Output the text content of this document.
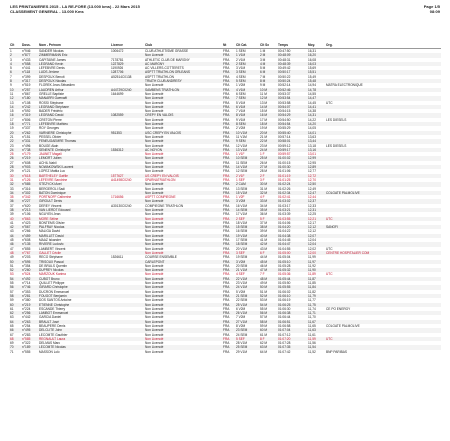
LES PRINTANIERES 2015 - LA RE-FORE (13.000 kms) - 22 Mars 2015
CLASSEMENT GENERAL - 13.000 Kms
Page 1/5
08:09
Clt	Doss.	Nom - Prénom	Licence	Club	Nt	Clt Cat.	Clt Sx	Temps	Moy.	Org.
1	n°946	SANDER Nicolas	1006472	CLUB ATHLETISME GRASSE	FRA	1 SEM	1 M	00:47:50	16,31	
2	n°877	ZIMMERMANN Eric		Non Licencié	FRA	1 V1M	2 M	00:48:09	16,20	
3	n°433	CAPITAINE James	7178781	ATHLETIC CLUB DE MARGNY	FRA	2 V1M	3 M	00:48:31	16,08	
4	n°558	LEGRAND Kevin	1227829	AC MARGNY	FRA	2 SEM	4 M	00:48:39	16,03	
5	n°441	LEFEBVRE Denis	1190926	AC VILLERS-COTTERETS	FRA	3 V1M	5 M	00:49:42	15,69	
6	n°118	LUDS Jérôme	1287706	ASPTT TRIATHLON ORLEANS	FRA	3 SEM	6 M	00:50:17	15,51	
7	n°399	DESPOUX Benoit	A52514C0138	ASPTT TRIATHLON	FRA	4 SEM	7 M	00:50:22	15,49	
8	n°317	DESPOUX Nicolas		TRIATH CLUB ANDRESY	FRA	5 SEM	8 M	00:50:24	15,48	
9	n°519	FLOREK Jean-Sébastien		Non Licencié	FRA	1 V2M	9 M	00:52:14	14,94	MATRA ELECTRONIQUE
10	n°257	LAUDREN Arthur	A44729C0240	SAMBENS TRIATHLON	FRA	4 V1M	10 M	00:52:46	14,78	
11	n°867	GRELLE Baptiste	1644699	Non Licencié	FRA	6 SEM	11 M	00:53:37	14,55	
12	n°180	MANARRI Gwenaël		Non Licencié	FRA	7 SEM	12 M	00:53:54	14,47	
13	n°108	ROSSI Stéphane		Non Licencié	FRA	5 V1M	13 M	00:53:58	14,45	UTC
14	n°242	LEGRAND Stéphane		Non Licencié	FRA	6 V1M	14 M	00:54:07	14,41	
15	n°592	BADER Frédéric		Non Licencié	FRA	7 V1M	15 M	00:54:15	14,38	
16	n°319	LEGRAND David	1082559	CREPY EN VALOIS	FRA	8 V1M	16 M	00:54:29	14,31	
17	n°806	CRETON Pierre		Non Licencié	FRA	9 V1M	17 M	00:54:50	14,22	LES DIESELS
18	n°771	LEFEBVRE Mathieu		Non Licencié	FRA	8 SEM	18 M	00:54:54	14,20	
19	n°337	ROY Georges		Non Licencié	FRA	2 V2M	19 M	00:55:29	14,05	
20	n°262	VARNIERE Christophe	951353	USC CREPY EN VALOIS	FRA	10 V1M	20 M	00:55:40	14,01	
21	n°151	PESSEL Olivier		Non Licencié	FRA	11 V1M	21 M	00:57:14	13,63	
22	n°331	FENEUGAEMRE Thomas		Non Licencié	FRA	9 SEM	22 M	00:58:01	13,44	
23	n°496	BOUGE Alain		Non Licencié	FRA	12 V1M	23 M	00:59:12	13,18	LES DIESELS
24	n°738	SENENTE Christophe	1536312	AC NOYON	FRA	13 V1M	24 M	00:59:17	13,16	
25	n°179	JAUNET Magali		Non Licencié	FRA	1 V1F	1 F	00:59:57	13,01	
26	n°219	LEMORT Julien		Non Licencié	FRA	10 SEM	25 M	01:00:02	12,99	
27	n°608	ACHIL Nabil		Non Licencié	FRA	11 SEM	26 M	01:00:15	12,95	
28	n°903	NOWAKOWSKI Laurent		Non Licencié	FRA	14 V1M	27 M	01:00:30	12,89	
29	n°121	LOPEZ Mattia Luc		Non Licencié	FRA	12 SEM	28 M	01:01:06	12,77	
30	n°618	BARTHELEY Gaëlle	1577627	US CREPY EN VALOIS	FRA	2 V1F	2 F	01:01:19	12,72	
31	n°126	LEFEVRE Sandrine	A41498C0240	SPARNATRIATHLON	FRA	1 SEF	3 F	01:01:25	12,70	
32	n°585	STEZYCKI Axel		Non Licencié	FRA	2 CAM	30 M	01:02:24	12,50	
33	n°316	BERGEROLI Sadi		Non Licencié	FRA	13 SEM	31 M	01:02:26	12,49	
34	n°302	BATON Dominique		Non Licencié	FRA	15 V1M	32 M	01:02:34	12,47	COLGATE PALMOLIVE
35	n°342	PORTNOFF Catherine	1716656	ASPTT COMPIEGNE	FRA	1 V2F	4 F	01:02:41	12,44	
36	n°227	GIROULT Denis		Non Licencié	FRA	3 V2M	33 M	01:03:02	12,37	
37	n°620	DEREY Vincent	A30130C0240	COMPIEGNE TRIATHLON	FRA	16 V1M	34 M	01:03:17	12,33	
38	n°213	VAN LIERDT Edouard		Non Licencié	FRA	14 SEM	35 M	01:03:21	12,31	
39	n°106	NGUYEN Jean		Non Licencié	FRA	17 V1M	36 M	01:03:39	12,25	
40	n°863	MORE Séline		Non Licencié	FRA	2 SEF	5 F	01:03:55	12,21	UTC
41	n°423	BONTEMS Olivier		Non Licencié	FRA	18 V1M	37 M	01:04:06	12,17	
42	n°567	PALFRAY Nicolas		Non Licencié	FRA	15 SEM	38 M	01:04:20	12,12	SANOFI
43	n°266	MALIGA David		Non Licencié	FRA	16 SEM	39 M	01:04:22	12,12	
44	n°459	MARILLET David		Non Licencié	FRA	19 V1M	40 M	01:04:38	12,07	
45	n°608	MAAZ Iskander		Non Licencié	FRA	17 SEM	41 M	01:04:45	12,04	
46	n°135	RIVIERE Ludovic		Non Licencié	FRA	18 SEM	42 M	01:04:47	12,04	
47	n°855	LAMBERT Vincent		Non Licencié	FRA	20 V1M	43 M	01:04:55	12,02	UTC
48	n°767	GALLET Cécile		Non Licencié	FRA	3 SEF	6 F	01:05:00	12,00	CENTRE HOSPITALIER COM
49	n°203	RECO Stéphane	1526611	COURSE ENSEMBLE	FRA	19 SEM	44 M	01:05:04	11,99	
50	n°595	TRISOUX Pascal		CARLEPONT	FRA	3 V2M	45 M	01:05:10	11,97	
51	n°354	DE BRULS Quentin		Non Licencié	FRA	20 SEM	46 M	01:05:28	11,92	
52	n°260	DUPREY Nicolas		Non Licencié	FRA	21 V1M	47 M	01:05:32	11,90	
53	n°524	MARZOUK Karima		Non Licencié	FRA	4 SEF	7 F	01:05:36	11,89	UTC
54	n°492	CUBOT Bruno		Non Licencié	FRA	22 V1M	48 M	01:05:44	11,87	
55	n°714	QUILLET Philippe		Non Licencié	FRA	23 V1M	49 M	01:05:50	11,85	
56	n°746	GIRARD Christophe		Non Licencié	FRA	24 V1M	50 M	01:05:55	11,84	
57	n°353	DUCRON Emmanuel		Non Licencié	FRA	5 V2M	51 M	01:06:02	11,82	
58	n°281	FOUGOT Benjamin		Non Licencié	FRA	21 SEM	52 M	01:06:10	11,79	
59	n°380	DOS SANTOS Antoine		Non Licencié	FRA	22 SEM	53 M	01:06:19	11,77	
60	n°219	ETIENNE Christophe		Non Licencié	FRA	25 V1M	54 M	01:06:25	11,75	
61	n°224	ESCANDE Thierry		Non Licencié	FRA	6 V2M	55 M	01:06:30	11,74	CE PO ENERGY
62	n°256	LAMBOT Emmanuel		Non Licencié	FRA	26 V1M	56 M	01:06:38	11,71	
63	n°442	GARCIA Daniel		Non Licencié	FRA	7 V2M	57 M	01:06:44	11,70	
64	n°263	BRAULT José		Non Licencié	FRA	27 V1M	58 M	01:06:51	11,67	
65	n°254	BEAUPERE Denis		Non Licencié	FRA	8 V2M	59 M	01:06:58	11,65	COLGATE PALMOLIVE
66	n°495	DELCLITE John		Non Licencié	FRA	23 SEM	60 M	01:07:04	11,63	
67	n°283	LECOMTE Gauthier		Non Licencié	FRA	24 SEM	61 M	01:07:12	11,61	
68	n°585	REGNAULT Laura		Non Licencié	FRA	5 SEF	8 F	01:07:20	11,59	UTC
69	n°322	DELMAS Marc		Non Licencié	FRA	28 V1M	62 M	01:07:28	11,56	
70	n°189	LECOMTE Nicolas		Non Licencié	FRA	25 SEM	63 M	01:07:35	11,54	
71	n°555	MASSON Loïc		Non Licencié	FRA	29 V1M	64 M	01:07:42	11,52	BNP PARIBAS
